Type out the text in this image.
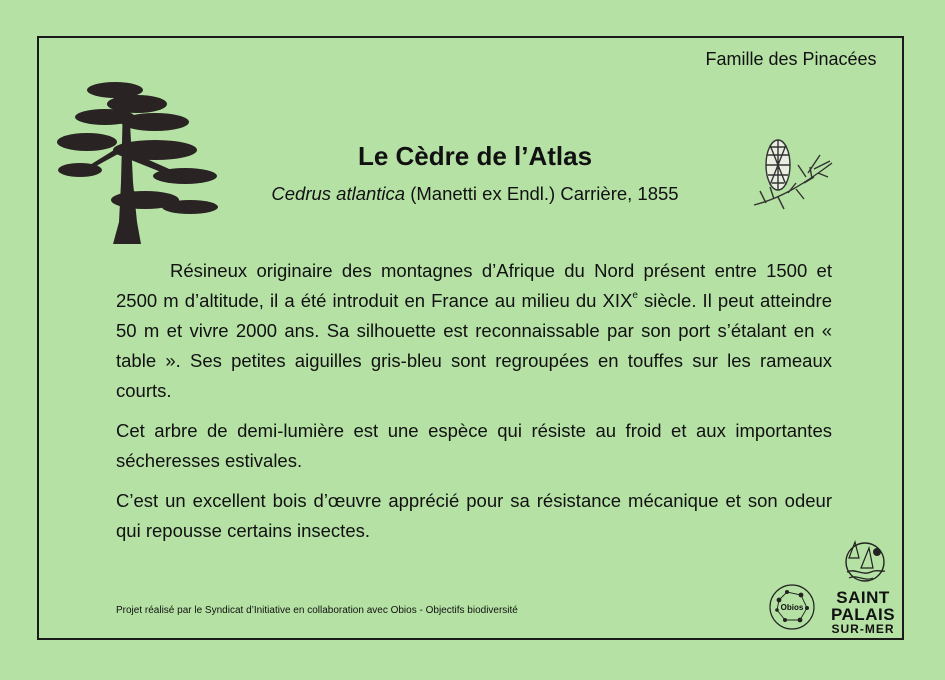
Famille des Pinacées
Le Cèdre de l’Atlas
Cedrus atlantica (Manetti ex Endl.) Carrière, 1855

Résineux originaire des montagnes d’Afrique du Nord présent entre 1500 et 2500 m d’altitude, il a été introduit en France au milieu du XIXe siècle. Il peut atteindre 50 m et vivre 2000 ans. Sa silhouette est reconnaissable par son port s’étalant en « table ». Ses petites aiguilles gris-bleu sont regroupées en touffes sur les rameaux courts.

Cet arbre de demi-lumière est une espèce qui résiste au froid et aux importantes sécheresses estivales.

C’est un excellent bois d’œuvre apprécié pour sa résistance mécanique et son odeur qui repousse certains insectes.

Projet réalisé par le Syndicat d’Initiative en collaboration avec Obios - Objectifs biodiversité	Obios
SAINT
PALAIS
SUR-MER
